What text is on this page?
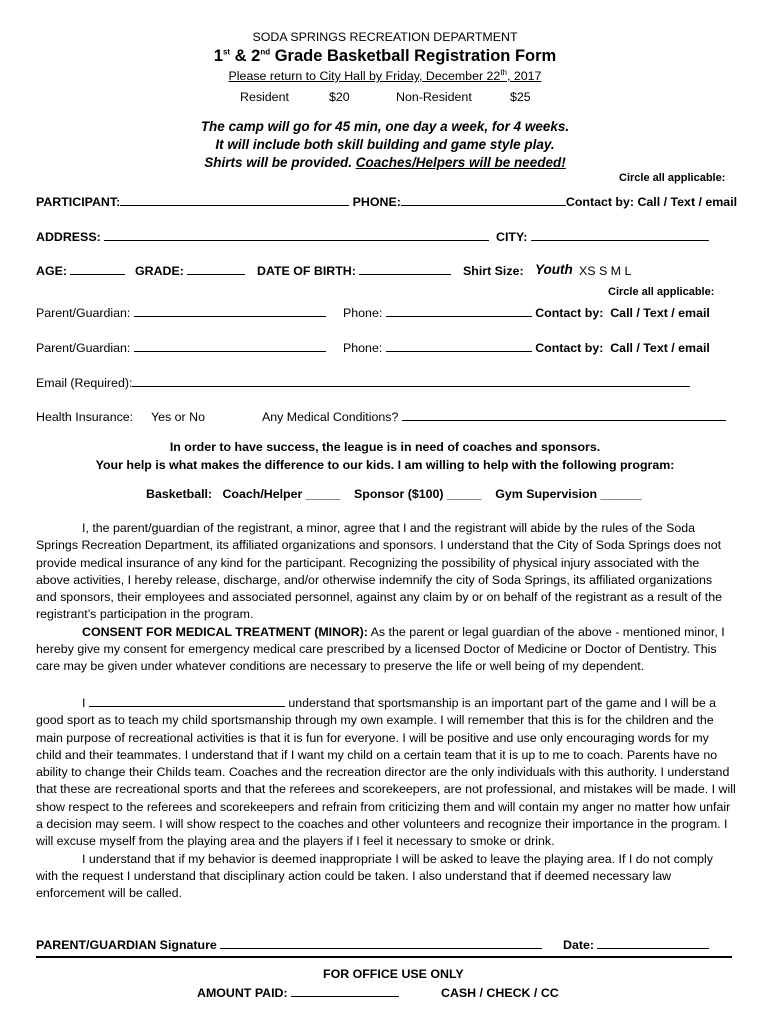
SODA SPRINGS RECREATION DEPARTMENT
1st & 2nd Grade Basketball Registration Form
Please return to City Hall by Friday, December 22th, 2017
Resident	$20	Non-Resident	$25
The camp will go for 45 min, one day a week, for 4 weeks.
It will include both skill building and game style play.
Shirts will be provided. Coaches/Helpers will be needed!
Circle all applicable:
PARTICIPANT:	PHONE:	Contact by: Call / Text / email
ADDRESS:	CITY:
AGE:	GRADE:	DATE OF BIRTH:	Shirt Size: Youth XS S M L
Circle all applicable:
Parent/Guardian:	Phone:	Contact by: Call / Text / email
Parent/Guardian:	Phone:	Contact by: Call / Text / email
Email (Required):
Health Insurance: Yes or No	Any Medical Conditions?
In order to have success, the league is in need of coaches and sponsors.
Your help is what makes the difference to our kids. I am willing to help with the following program:
Basketball: Coach/Helper _____ Sponsor ($100) _____ Gym Supervision ______
I, the parent/guardian of the registrant, a minor, agree that I and the registrant will abide by the rules of the Soda Springs Recreation Department, its affiliated organizations and sponsors. I understand that the City of Soda Springs does not provide medical insurance of any kind for the participant. Recognizing the possibility of physical injury associated with the above activities, I hereby release, discharge, and/or otherwise indemnify the city of Soda Springs, its affiliated organizations and sponsors, their employees and associated personnel, against any claim by or on behalf of the registrant as a result of the registrant’s participation in the program.
CONSENT FOR MEDICAL TREATMENT (MINOR): As the parent or legal guardian of the above - mentioned minor, I hereby give my consent for emergency medical care prescribed by a licensed Doctor of Medicine or Doctor of Dentistry. This care may be given under whatever conditions are necessary to preserve the life or well being of my dependent.
I	understand that sportsmanship is an important part of the game and I will be a good sport as to teach my child sportsmanship through my own example. I will remember that this is for the children and the main purpose of recreational activities is that it is fun for everyone. I will be positive and use only encouraging words for my child and their teammates. I understand that if I want my child on a certain team that it is up to me to coach. Parents have no ability to change their Childs team. Coaches and the recreation director are the only individuals with this authority. I understand that these are recreational sports and that the referees and scorekeepers, are not professional, and mistakes will be made. I will show respect to the referees and scorekeepers and refrain from criticizing them and will contain my anger no matter how unfair a decision may seem. I will show respect to the coaches and other volunteers and recognize their importance in the program. I will excuse myself from the playing area and the players if I feel it necessary to smoke or drink.
I understand that if my behavior is deemed inappropriate I will be asked to leave the playing area. If I do not comply with the request I understand that disciplinary action could be taken. I also understand that if deemed necessary law enforcement will be called.
PARENT/GUARDIAN Signature	Date:
FOR OFFICE USE ONLY
AMOUNT PAID:	CASH / CHECK / CC
